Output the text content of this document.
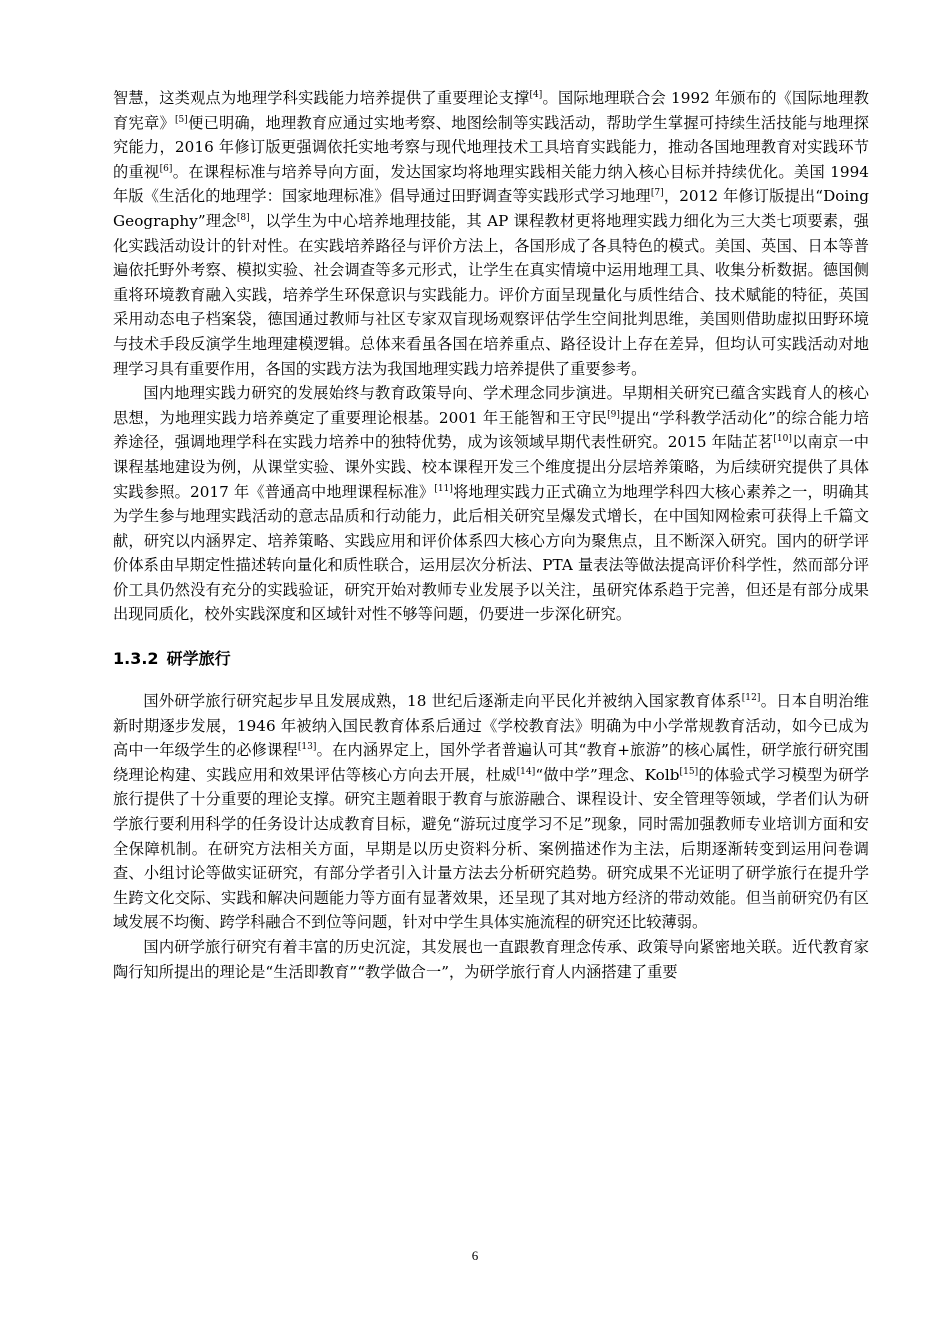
智慧，这类观点为地理学科实践能力培养提供了重要理论支撑[4]。国际地理联合会 1992 年颁布的《国际地理教育宪章》[5]便已明确，地理教育应通过实地考察、地图绘制等实践活动，帮助学生掌握可持续生活技能与地理探究能力，2016 年修订版更强调依托实地考察与现代地理技术工具培育实践能力，推动各国地理教育对实践环节的重视[6]。在课程标准与培养导向方面，发达国家均将地理实践相关能力纳入核心目标并持续优化。美国 1994 年版《生活化的地理学：国家地理标准》倡导通过田野调查等实践形式学习地理[7]，2012 年修订版提出“Doing Geography”理念[8]，以学生为中心培养地理技能，其 AP 课程教材更将地理实践力细化为三大类七项要素，强化实践活动设计的针对性。在实践培养路径与评价方法上，各国形成了各具特色的模式。美国、英国、日本等普遍依托野外考察、模拟实验、社会调查等多元形式，让学生在真实情境中运用地理工具、收集分析数据。德国侧重将环境教育融入实践，培养学生环保意识与实践能力。评价方面呈现量化与质性结合、技术赋能的特征，英国采用动态电子档案袋，德国通过教师与社区专家双盲现场观察评估学生空间批判思维，美国则借助虚拟田野环境与技术手段反演学生地理建模逻辑。总体来看虽各国在培养重点、路径设计上存在差异，但均认可实践活动对地理学习具有重要作用，各国的实践方法为我国地理实践力培养提供了重要参考。

国内地理实践力研究的发展始终与教育政策导向、学术理念同步演进。早期相关研究已蕴含实践育人的核心思想，为地理实践力培养奠定了重要理论根基。2001 年王能智和王守民[9]提出“学科教学活动化”的综合能力培养途径，强调地理学科在实践力培养中的独特优势，成为该领域早期代表性研究。2015 年陆芷茗[10]以南京一中课程基地建设为例，从课堂实验、课外实践、校本课程开发三个维度提出分层培养策略，为后续研究提供了具体实践参照。2017 年《普通高中地理课程标准》[11]将地理实践力正式确立为地理学科四大核心素养之一，明确其为学生参与地理实践活动的意志品质和行动能力，此后相关研究呈爆发式增长，在中国知网检索可获得上千篇文献，研究以内涵界定、培养策略、实践应用和评价体系四大核心方向为聚焦点，且不断深入研究。国内的研学评价体系由早期定性描述转向量化和质性联合，运用层次分析法、PTA 量表法等做法提高评价科学性，然而部分评价工具仍然没有充分的实践验证，研究开始对教师专业发展予以关注，虽研究体系趋于完善，但还是有部分成果出现同质化，校外实践深度和区域针对性不够等问题，仍要进一步深化研究。

1.3.2 研学旅行

国外研学旅行研究起步早且发展成熟，18 世纪后逐渐走向平民化并被纳入国家教育体系[12]。日本自明治维新时期逐步发展，1946 年被纳入国民教育体系后通过《学校教育法》明确为中小学常规教育活动，如今已成为高中一年级学生的必修课程[13]。在内涵界定上，国外学者普遍认可其“教育+旅游”的核心属性，研学旅行研究围绕理论构建、实践应用和效果评估等核心方向去开展，杜威[14]“做中学”理念、Kolb[15]的体验式学习模型为研学旅行提供了十分重要的理论支撑。研究主题着眼于教育与旅游融合、课程设计、安全管理等领域，学者们认为研学旅行要利用科学的任务设计达成教育目标，避免“游玩过度学习不足”现象，同时需加强教师专业培训方面和安全保障机制。在研究方法相关方面，早期是以历史资料分析、案例描述作为主法，后期逐渐转变到运用问卷调查、小组讨论等做实证研究，有部分学者引入计量方法去分析研究趋势。研究成果不光证明了研学旅行在提升学生跨文化交际、实践和解决问题能力等方面有显著效果，还呈现了其对地方经济的带动效能。但当前研究仍有区域发展不均衡、跨学科融合不到位等问题，针对中学生具体实施流程的研究还比较薄弱。

国内研学旅行研究有着丰富的历史沉淀，其发展也一直跟教育理念传承、政策导向紧密地关联。近代教育家陶行知所提出的理论是“生活即教育”“教学做合一”，为研学旅行育人内涵搭建了重要

6
